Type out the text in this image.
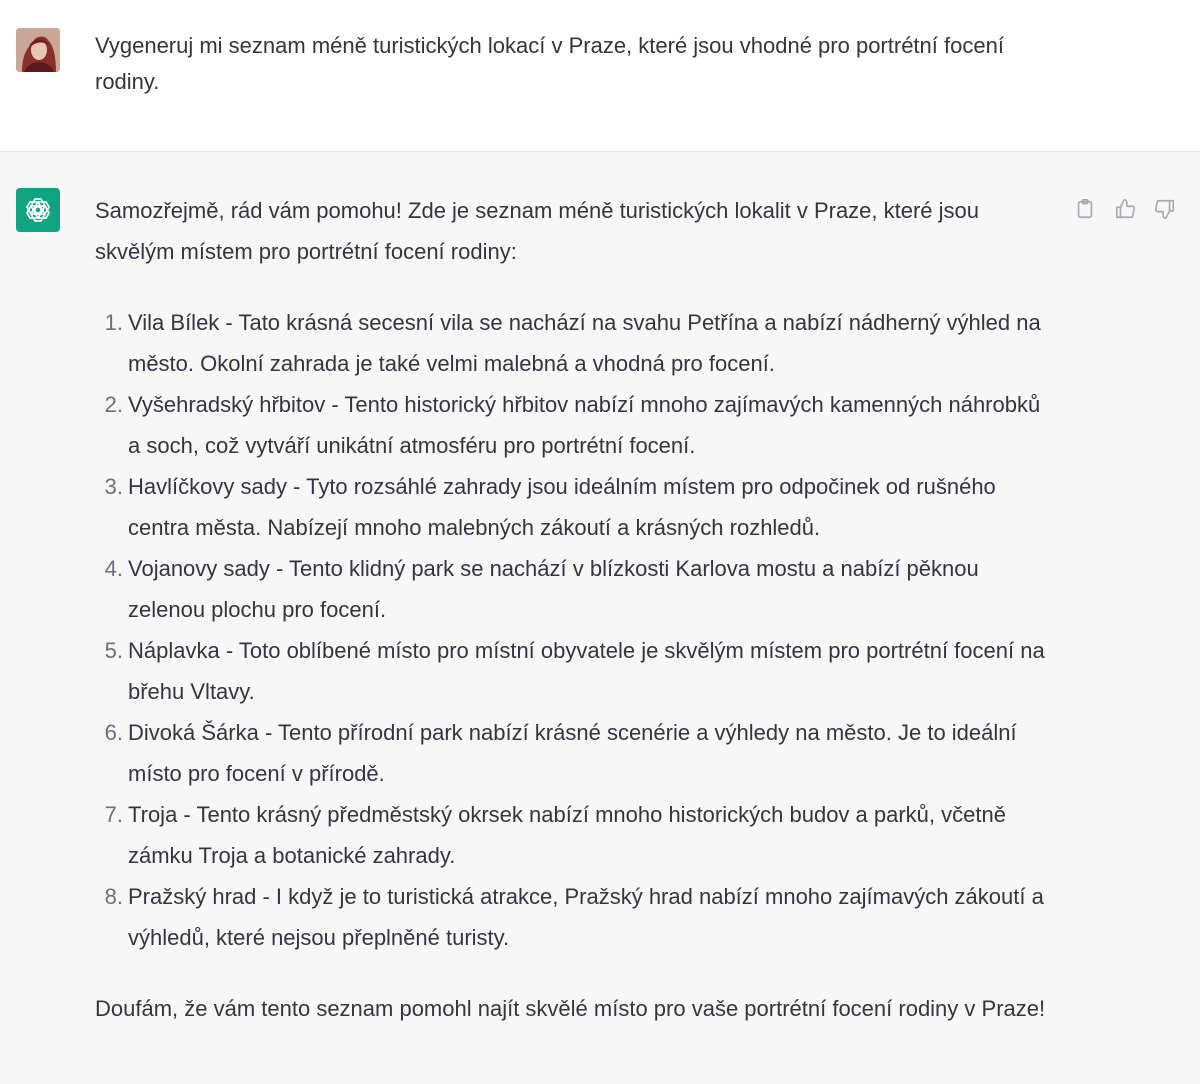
Vygeneruj mi seznam méně turistických lokací v Praze, které jsou vhodné pro portrétní focení rodiny.

Samozřejmě, rád vám pomohu! Zde je seznam méně turistických lokalit v Praze, které jsou skvělým místem pro portrétní focení rodiny:

1. Vila Bílek - Tato krásná secesní vila se nachází na svahu Petřína a nabízí nádherný výhled na město. Okolní zahrada je také velmi malebná a vhodná pro focení.
2. Vyšehradský hřbitov - Tento historický hřbitov nabízí mnoho zajímavých kamenných náhrobků a soch, což vytváří unikátní atmosféru pro portrétní focení.
3. Havlíčkovy sady - Tyto rozsáhlé zahrady jsou ideálním místem pro odpočinek od rušného centra města. Nabízejí mnoho malebných zákoutí a krásných rozhledů.
4. Vojanovy sady - Tento klidný park se nachází v blízkosti Karlova mostu a nabízí pěknou zelenou plochu pro focení.
5. Náplavka - Toto oblíbené místo pro místní obyvatele je skvělým místem pro portrétní focení na břehu Vltavy.
6. Divoká Šárka - Tento přírodní park nabízí krásné scenérie a výhledy na město. Je to ideální místo pro focení v přírodě.
7. Troja - Tento krásný předměstský okrsek nabízí mnoho historických budov a parků, včetně zámku Troja a botanické zahrady.
8. Pražský hrad - I když je to turistická atrakce, Pražský hrad nabízí mnoho zajímavých zákoutí a výhledů, které nejsou přeplněné turisty.

Doufám, že vám tento seznam pomohl najít skvělé místo pro vaše portrétní focení rodiny v Praze!
